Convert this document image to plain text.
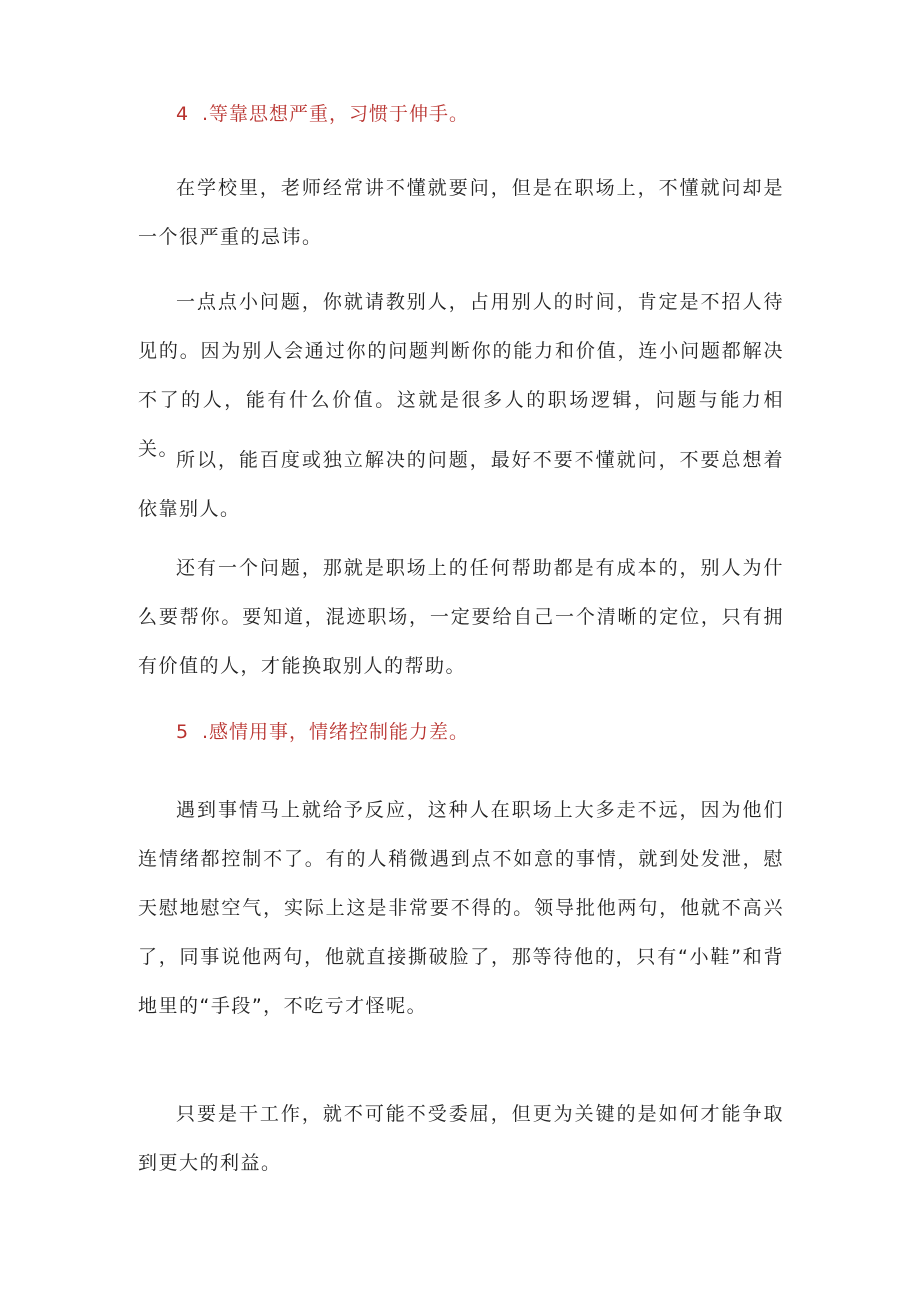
4 .等靠思想严重，习惯于伸手。

在学校里，老师经常讲不懂就要问，但是在职场上，不懂就问却是一个很严重的忌讳。

一点点小问题，你就请教别人，占用别人的时间，肯定是不招人待见的。因为别人会通过你的问题判断你的能力和价值，连小问题都解决不了的人，能有什么价值。这就是很多人的职场逻辑，问题与能力相关。

所以，能百度或独立解决的问题，最好不要不懂就问，不要总想着依靠别人。

还有一个问题，那就是职场上的任何帮助都是有成本的，别人为什么要帮你。要知道，混迹职场，一定要给自己一个清晰的定位，只有拥有价值的人，才能换取别人的帮助。

5 .感情用事，情绪控制能力差。

遇到事情马上就给予反应，这种人在职场上大多走不远，因为他们连情绪都控制不了。有的人稍微遇到点不如意的事情，就到处发泄，慰天慰地慰空气，实际上这是非常要不得的。领导批他两句，他就不高兴了，同事说他两句，他就直接撕破脸了，那等待他的，只有“小鞋”和背地里的“手段”，不吃亏才怪呢。

只要是干工作，就不可能不受委屈，但更为关键的是如何才能争取到更大的利益。
